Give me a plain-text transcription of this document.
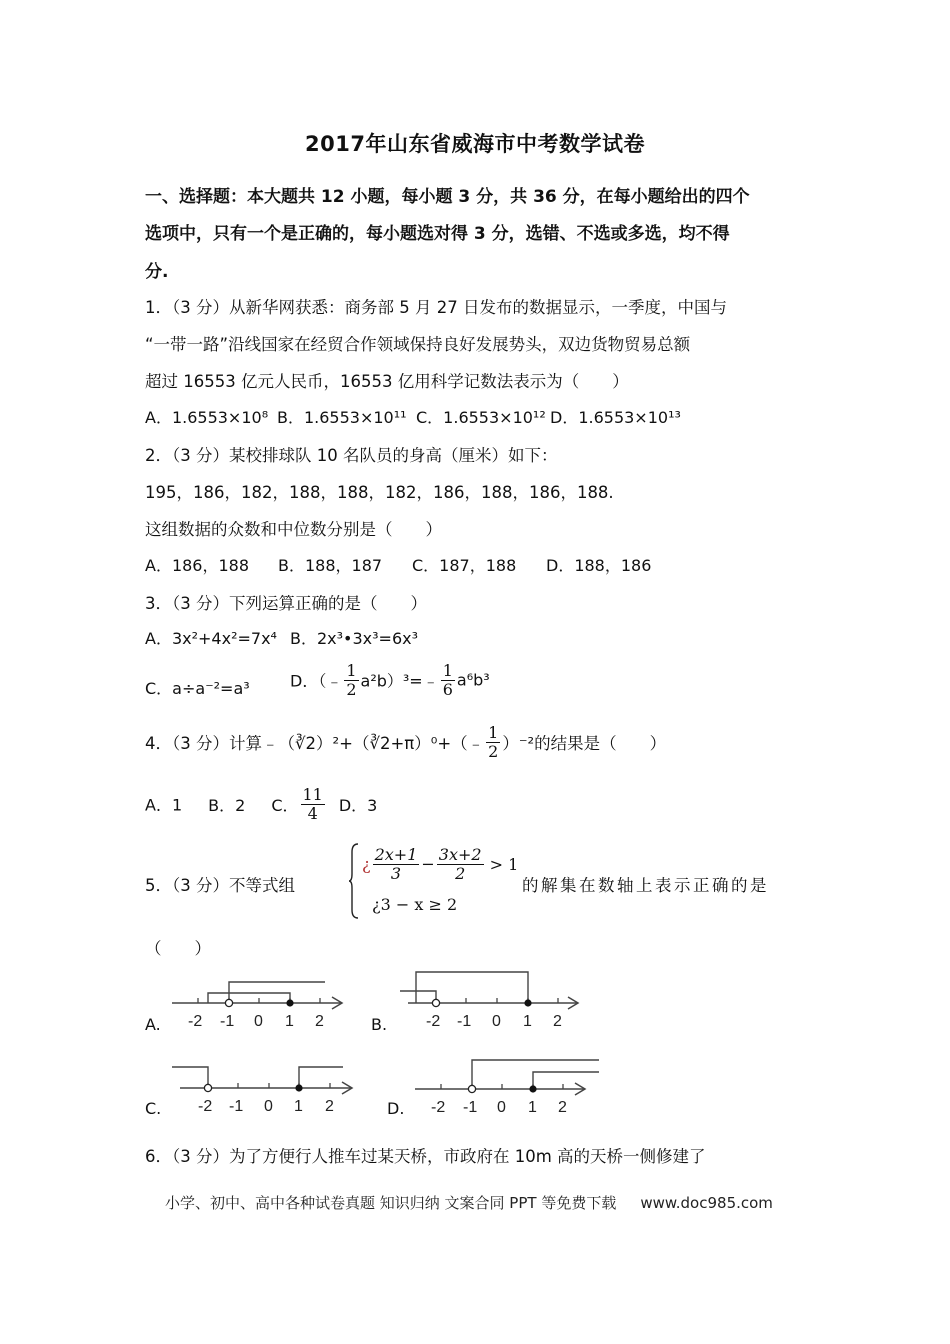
2017年山东省威海市中考数学试卷
一、选择题：本大题共 12 小题，每小题 3 分，共 36 分，在每小题给出的四个
选项中，只有一个是正确的，每小题选对得 3 分，选错、不选或多选，均不得
分.
1．（3 分）从新华网获悉：商务部 5 月 27 日发布的数据显示，一季度，中国与
“一带一路”沿线国家在经贸合作领域保持良好发展势头，双边货物贸易总额
超过 16553 亿元人民币，16553 亿用科学记数法表示为（　　）
A．1.6553×10⁸ B．1.6553×10¹¹ C．1.6553×10¹² D．1.6553×10¹³
2．（3 分）某校排球队 10 名队员的身高（厘米）如下：
195，186，182，188，188，182，186，188，186，188.
这组数据的众数和中位数分别是（　　）
A．186，188 B．188，187 C．187，188 D．188，186
3．（3 分）下列运算正确的是（　　）
A．3x²+4x²=7x⁴ B．2x³•3x³=6x³
C．a÷a⁻²=a³	D．（﹣ $\frac{1}{2}$ a²b）³=﹣ $\frac{1}{6} a^6b^3$
4．（3 分）计算﹣（∛2）²+（∛2+π）⁰+（﹣ $\frac{1}{2} )^{-2}$的结果是（　　）
A．1 B．2 C． $\frac{11}{4}$ D．3
5．（3 分）不等式组
¿ $\frac{2x+1}{3} - \frac{3x+2}{2} > 1$
¿3 − x ≥ 2
的解集在数轴上表示正确的是
（　　）
A.	B.
C.	D.
-2 -1 0 1 2	-2 -1 0 1 2
-2 -1 0 1 2	-2 -1 0 1 2
6．（3 分）为了方便行人推车过某天桥，市政府在 10m 高的天桥一侧修建了
小学、初中、高中各种试卷真题 知识归纳 文案合同 PPT 等免费下载 www.doc985.com
